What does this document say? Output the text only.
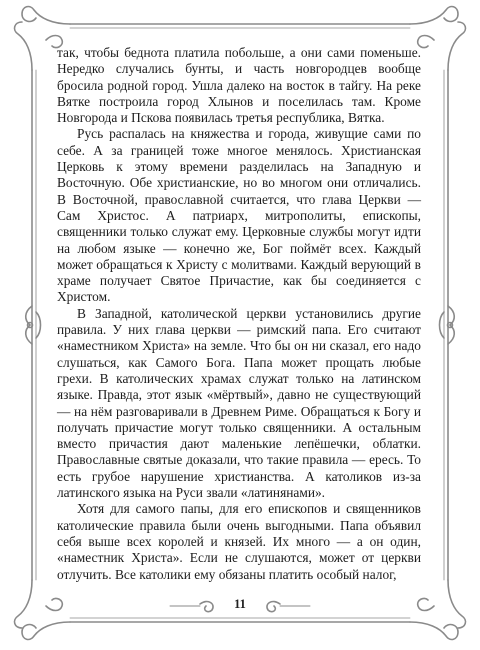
так, чтобы беднота платила побольше, а они сами поменьше. Нередко случались бунты, и часть новгородцев вообще бросила родной город. Ушла далеко на восток в тайгу. На реке Вятке построила город Хлынов и поселилась там. Кроме Новгорода и Пскова появилась третья республика, Вятка.

Русь распалась на княжества и города, живущие сами по себе. А за границей тоже многое менялось. Христианская Церковь к этому времени разделилась на Западную и Восточную. Обе христианские, но во многом они отличались. В Восточной, православной считается, что глава Церкви — Сам Христос. А патриарх, митрополиты, епископы, священники только служат ему. Церковные службы могут идти на любом языке — конечно же, Бог поймёт всех. Каждый может обращаться к Христу с молитвами. Каждый верующий в храме получает Святое Причастие, как бы соединяется с Христом.

В Западной, католической церкви установились другие правила. У них глава церкви — римский папа. Его считают «наместником Христа» на земле. Что бы он ни сказал, его надо слушаться, как Самого Бога. Папа может прощать любые грехи. В католических храмах служат только на латинском языке. Правда, этот язык «мёртвый», давно не существующий — на нём разговаривали в Древнем Риме. Обращаться к Богу и получать причастие могут только священники. А остальным вместо причастия дают маленькие лепёшечки, облатки. Православные святые доказали, что такие правила — ересь. То есть грубое нарушение христианства. А католиков из-за латинского языка на Руси звали «латинянами».

Хотя для самого папы, для его епископов и священников католические правила были очень выгодными. Папа объявил себя выше всех королей и князей. Их много — а он один, «наместник Христа». Если не слушаются, может от церкви отлучить. Все католики ему обязаны платить особый налог,

11
